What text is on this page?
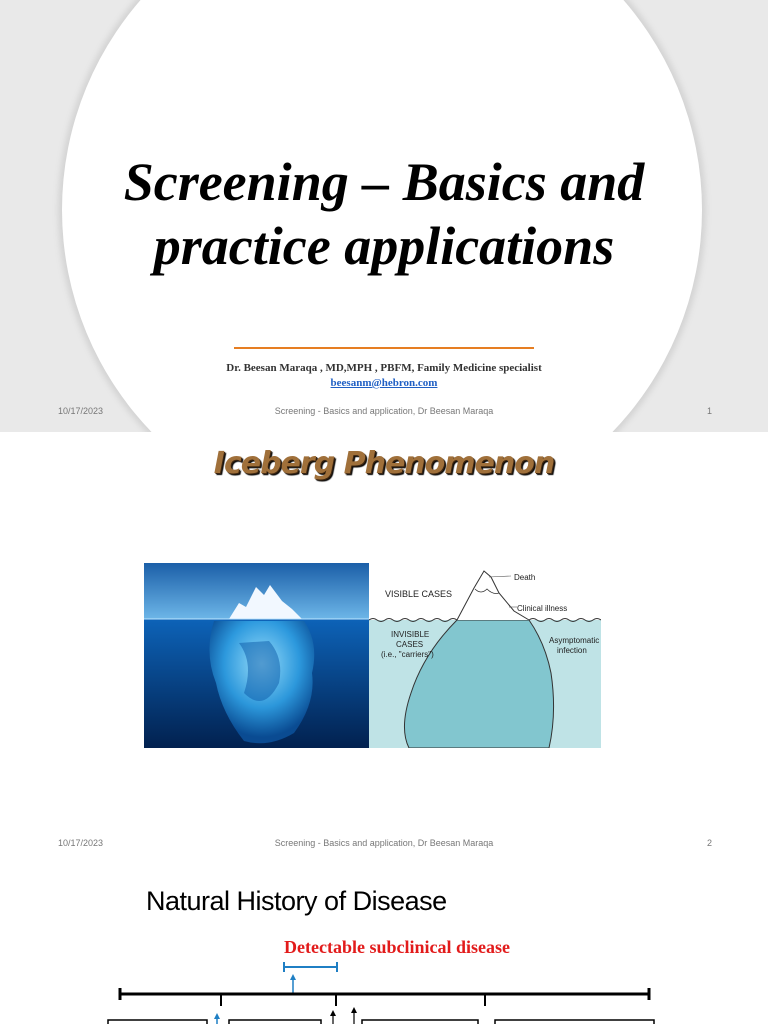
Screening – Basics and
practice applications
Dr. Beesan Maraqa , MD,MPH , PBFM, Family Medicine specialist
beesanm@hebron.com
10/17/2023	Screening - Basics and application, Dr Beesan Maraqa	1
Iceberg Phenomenon
VISIBLE CASES
Death
Clinical illness
INVISIBLE
CASES
(i.e., "carriers")
Asymptomatic
infection
10/17/2023	Screening - Basics and application, Dr Beesan Maraqa	2
Natural History of Disease
Detectable subclinical disease
